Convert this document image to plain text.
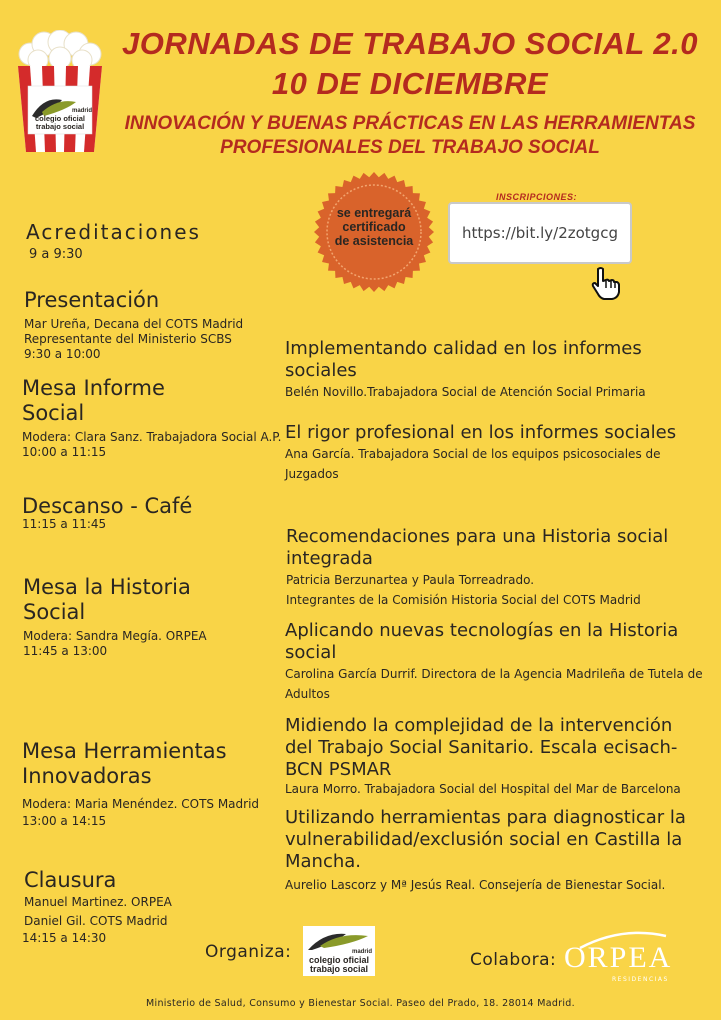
madrid
colegio oficial
trabajo social
JORNADAS DE TRABAJO SOCIAL 2.0
10 DE DICIEMBRE
INNOVACIÓN Y BUENAS PRÁCTICAS EN LAS HERRAMIENTAS
PROFESIONALES DEL TRABAJO SOCIAL
se entregará
certificado
de asistencia
INSCRIPCIONES:
https://bit.ly/2zotgcg
Acreditaciones
9 a 9:30
Presentación
Mar Ureña, Decana del COTS Madrid
Representante del Ministerio SCBS
9:30 a 10:00
Mesa Informe
Social
Modera: Clara Sanz. Trabajadora Social A.P.
10:00 a 11:15
Descanso - Café
11:15 a 11:45
Mesa la Historia
Social
Modera: Sandra Megía. ORPEA
11:45 a 13:00
Mesa Herramientas
Innovadoras
Modera: Maria Menéndez. COTS Madrid
13:00 a 14:15
Clausura
Manuel Martinez. ORPEA
Daniel Gil. COTS Madrid
14:15 a 14:30
Implementando calidad en los informes
sociales
Belén Novillo.Trabajadora Social de Atención Social Primaria
El rigor profesional en los informes sociales
Ana García. Trabajadora Social de los equipos psicosociales de
Juzgados
Recomendaciones para una Historia social
integrada
Patricia Berzunartea y Paula Torreadrado.
Integrantes de la Comisión Historia Social del COTS Madrid
Aplicando nuevas tecnologías en la Historia
social
Carolina García Durrif. Directora de la Agencia Madrileña de Tutela de
Adultos
Midiendo la complejidad de la intervención
del Trabajo Social Sanitario. Escala ecisach-
BCN PSMAR
Laura Morro. Trabajadora Social del Hospital del Mar de Barcelona
Utilizando herramientas para diagnosticar la
vulnerabilidad/exclusión social en Castilla la
Mancha.
Aurelio Lascorz y Mª Jesús Real. Consejería de Bienestar Social.
Organiza:	madrid
colegio oficial
trabajo social	Colabora: ORPEA
RESIDENCIAS
Ministerio de Salud, Consumo y Bienestar Social. Paseo del Prado, 18. 28014 Madrid.
